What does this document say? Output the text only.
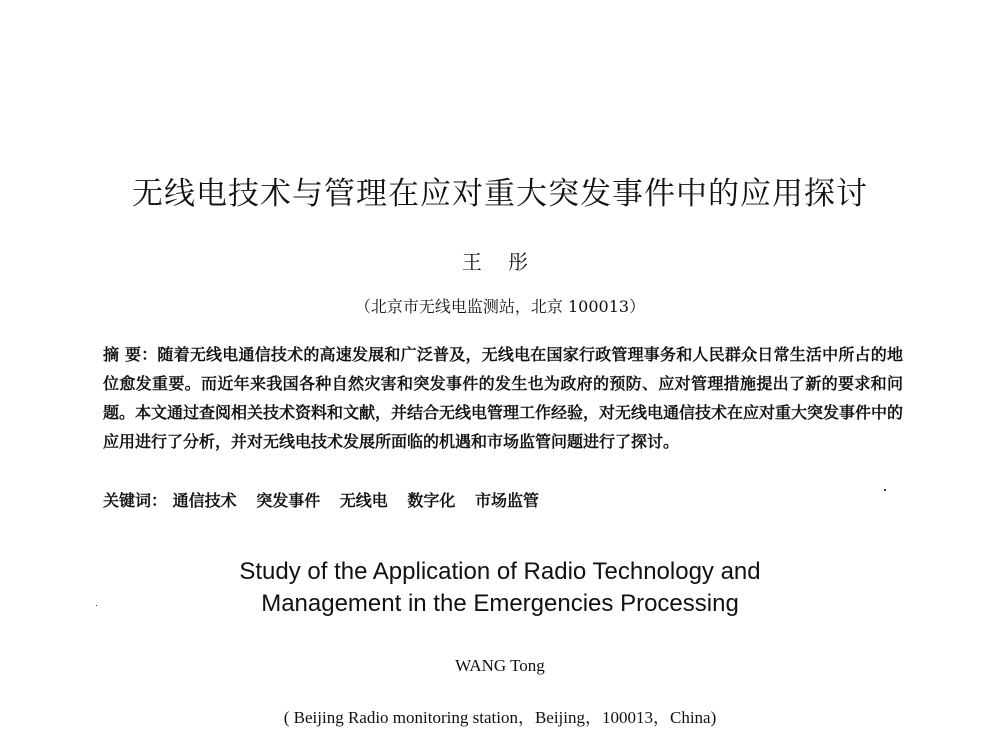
无线电技术与管理在应对重大突发事件中的应用探讨
王 彤
（北京市无线电监测站，北京 100013）
摘 要：随着无线电通信技术的高速发展和广泛普及，无线电在国家行政管理事务和人民群众日常生活中所占的地位愈发重要。而近年来我国各种自然灾害和突发事件的发生也为政府的预防、应对管理措施提出了新的要求和问题。本文通过查阅相关技术资料和文献，并结合无线电管理工作经验，对无线电通信技术在应对重大突发事件中的应用进行了分析，并对无线电技术发展所面临的机遇和市场监管问题进行了探讨。
关键词： 通信技术 突发事件 无线电 数字化 市场监管
Study of the Application of Radio Technology and
Management in the Emergencies Processing
WANG Tong
( Beijing Radio monitoring station，Beijing，100013，China)
